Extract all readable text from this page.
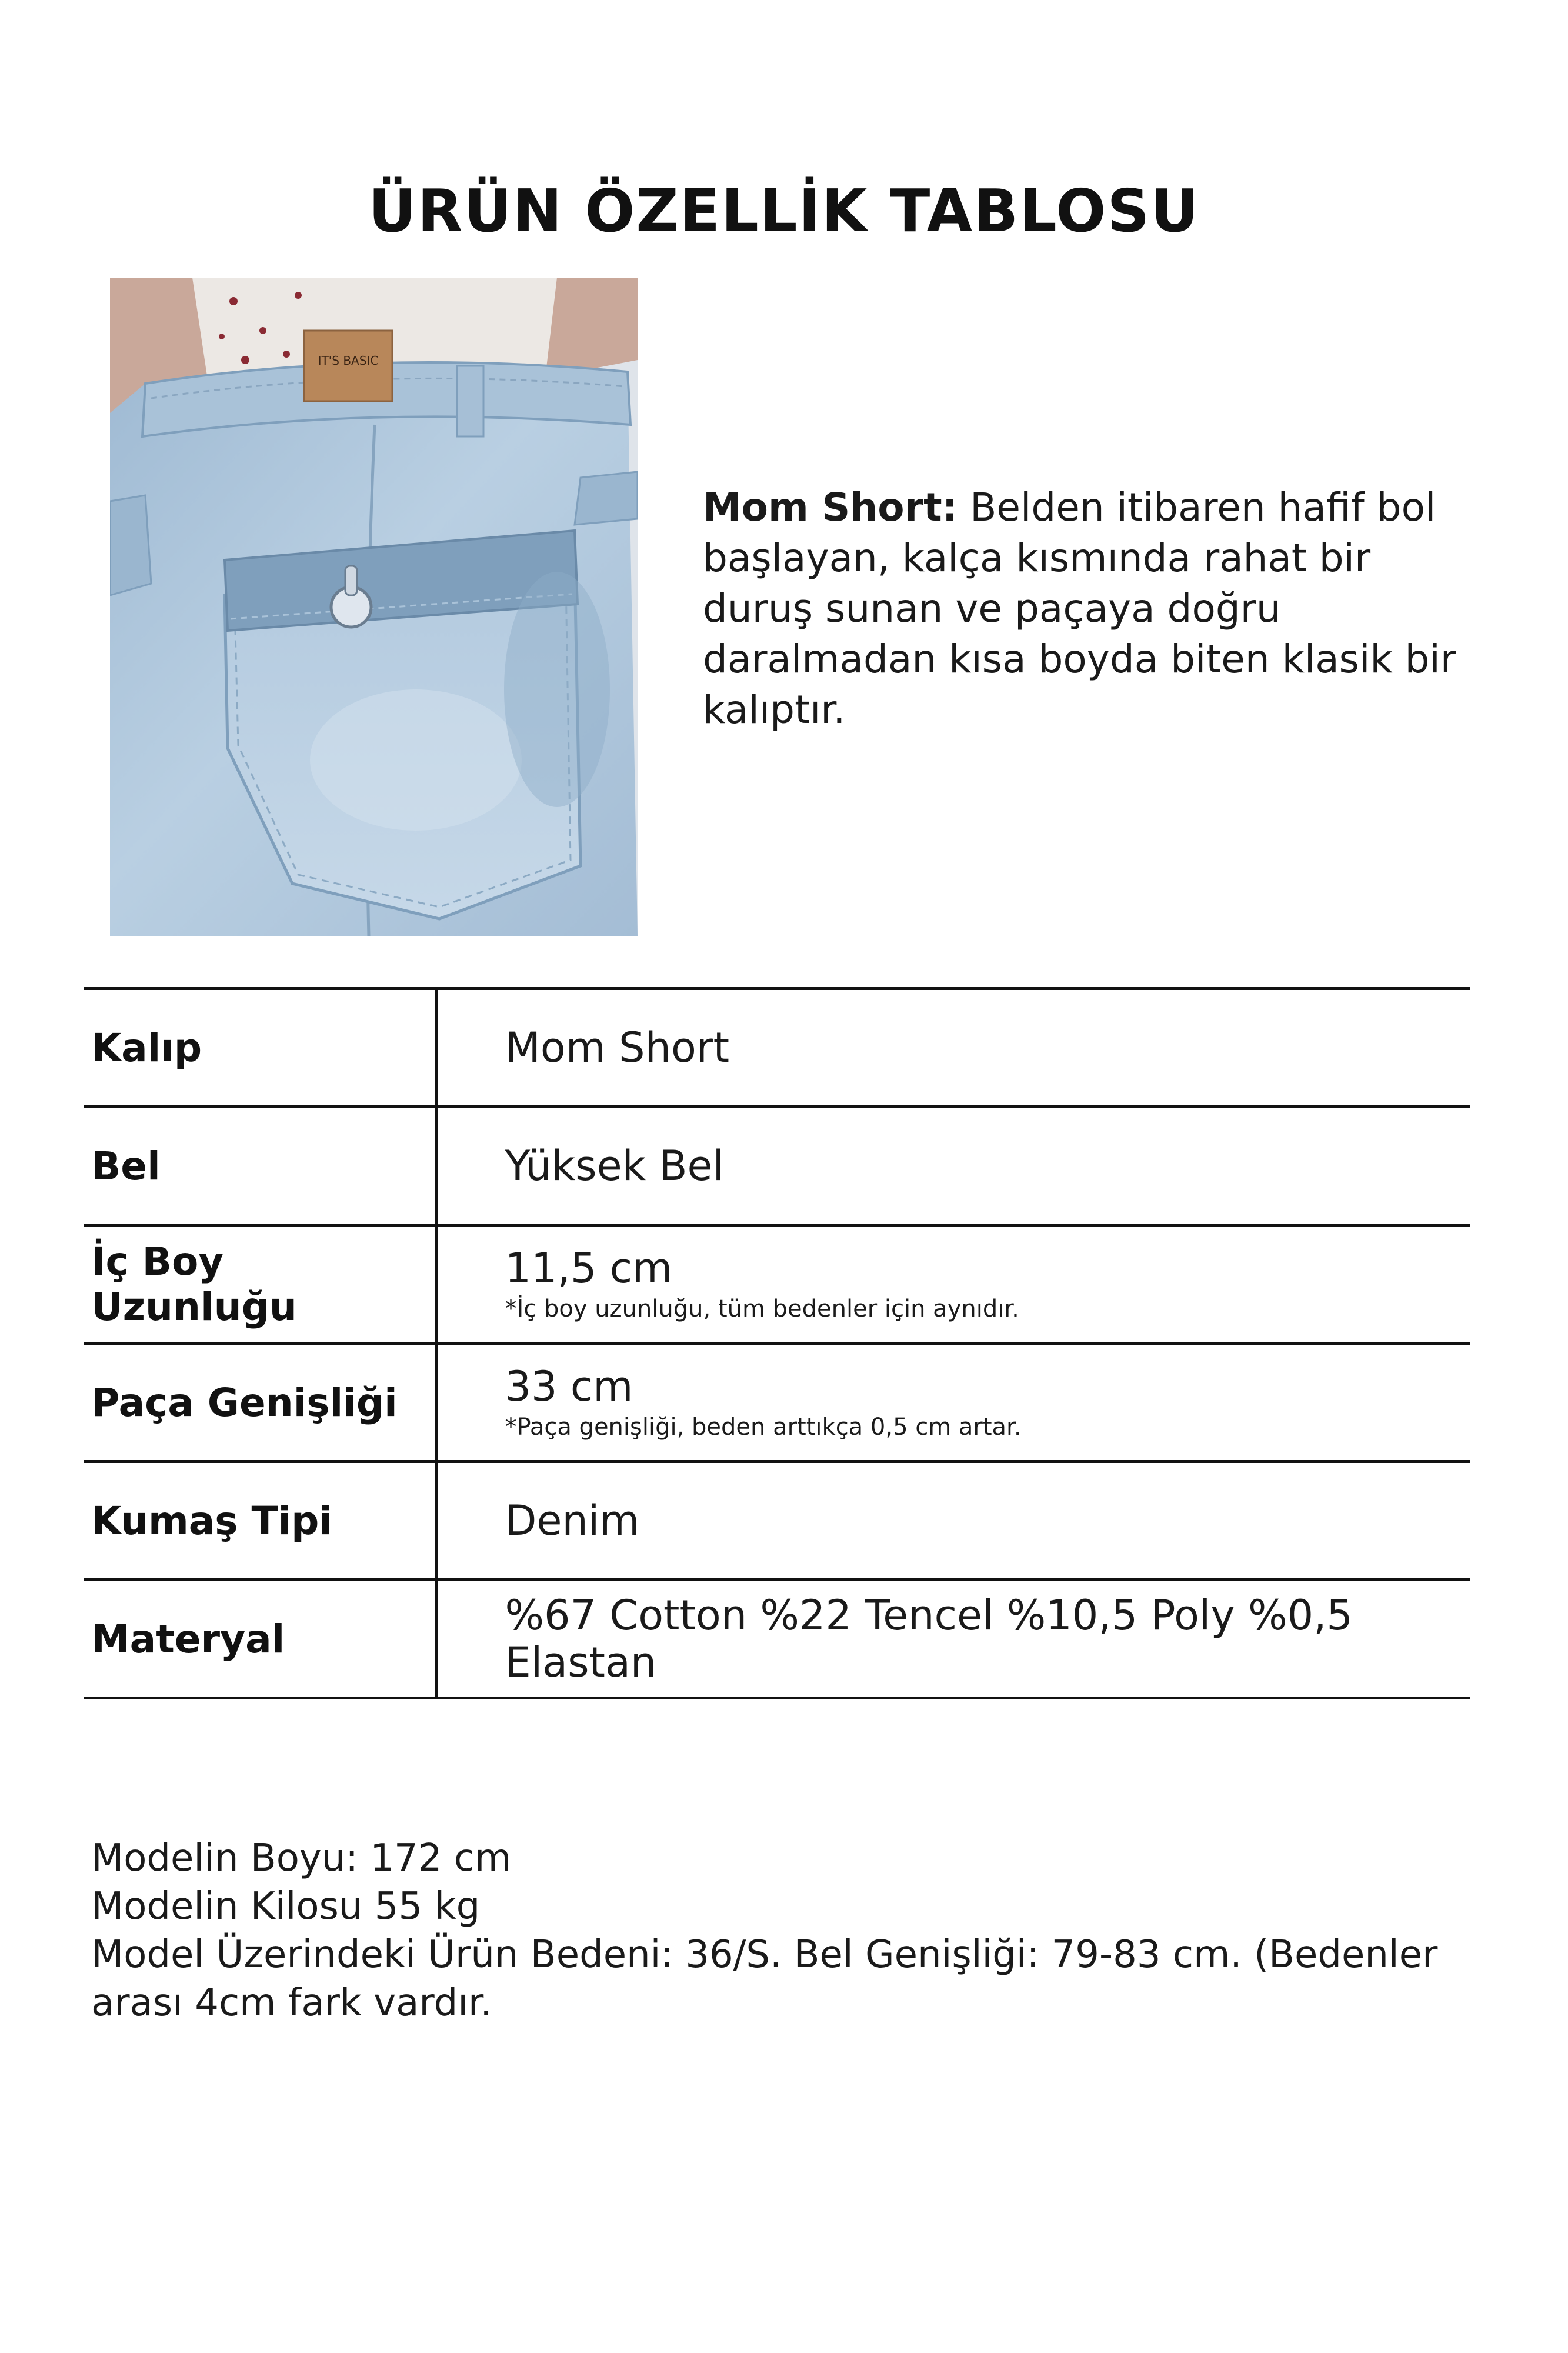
ÜRÜN ÖZELLİK TABLOSU
IT'S BASIC
Mom Short: Belden itibaren hafif bol başlayan, kalça kısmında rahat bir duruş sunan ve paçaya doğru daralmadan kısa boyda biten klasik bir kalıptır.
Kalıp	Mom Short

Bel	Yüksek Bel

İç Boy Uzunluğu	11,5 cm
*İç boy uzunluğu, tüm bedenler için aynıdır.

Paça Genişliği	33 cm
*Paça genişliği, beden arttıkça 0,5 cm artar.

Kumaş Tipi	Denim

Materyal	%67 Cotton %22 Tencel %10,5 Poly %0,5 Elastan

Modelin Boyu: 172 cm

Modelin Kilosu 55 kg

Model Üzerindeki Ürün Bedeni: 36/S. Bel Genişliği: 79-83 cm. (Bedenler arası 4cm fark vardır.
